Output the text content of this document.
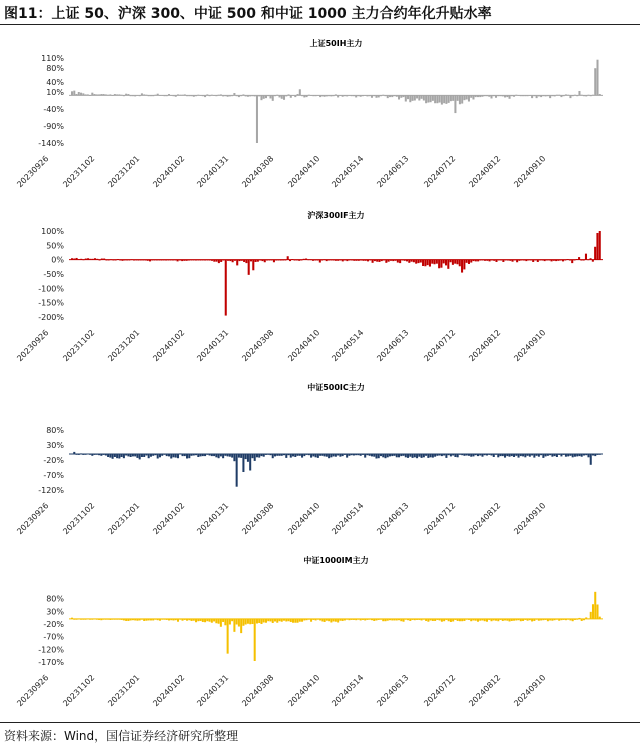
图11：上证 50、沪深 300、中证 500 和中证 1000 主力合约年化升贴水率
上证50IH主力
110%
80%
40%
10%
-40%
-90%
-140%
20230926 20231102 20231201 20240102 20240131 20240308 20240410 20240514 20240613 20240712 20240812 20240910
沪深300IF主力
100%
50%
0%
-50%
-100%
-150%
-200%
20230926 20231102 20231201 20240102 20240131 20240308 20240410 20240514 20240613 20240712 20240812 20240910
中证500IC主力
80%
30%
-20%
-70%
-120%
20230926 20231102 20231201 20240102 20240131 20240308 20240410 20240514 20240613 20240712 20240812 20240910
中证1000IM主力
80%
30%
-20%
-70%
-120%
-170%
20230926 20231102 20231201 20240102 20240131 20240308 20240410 20240514 20240613 20240712 20240812 20240910
资料来源：Wind，国信证券经济研究所整理
